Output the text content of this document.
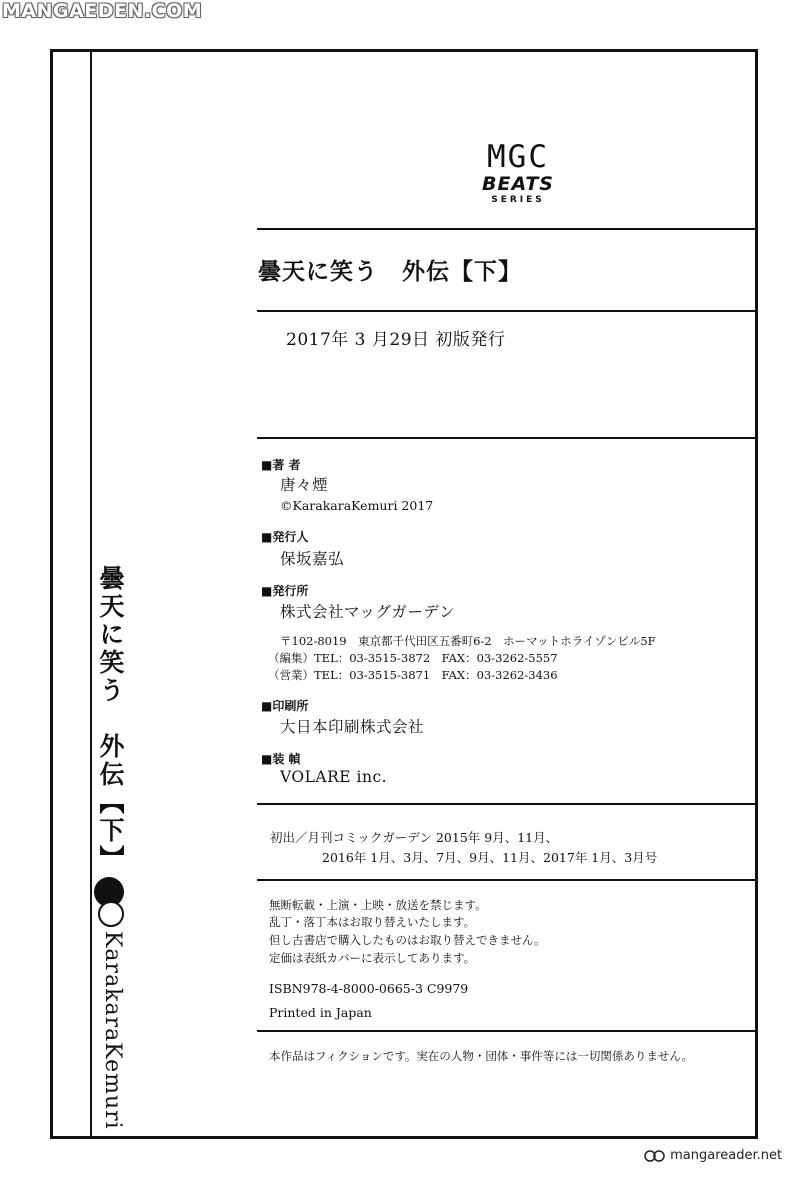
MANGAEDEN.COM
曇天に笑う　外伝【下】
KarakaraKemuri
MGC
BEATS
SERIES
曇天に笑う　外伝【下】
2017年 3 月29日 初版発行
■著 者
唐々煙
©KarakaraKemuri 2017
■発行人
保坂嘉弘
■発行所
株式会社マッグガーデン
〒102-8019　東京都千代田区五番町6-2　ホーマットホライゾンビル5F
（編集）TEL：03-3515-3872　FAX：03-3262-5557
（営業）TEL：03-3515-3871　FAX：03-3262-3436
■印刷所
大日本印刷株式会社
■装 幀
VOLARE inc.
初出／月刊コミックガーデン 2015年 9月、11月、
2016年 1月、3月、7月、9月、11月、2017年 1月、3月号
無断転載・上演・上映・放送を禁じます。
乱丁・落丁本はお取り替えいたします。
但し古書店で購入したものはお取り替えできません。
定価は表紙カバーに表示してあります。
ISBN978-4-8000-0665-3 C9979
Printed in Japan
本作品はフィクションです。実在の人物・団体・事件等には一切関係ありません。
mangareader.net
